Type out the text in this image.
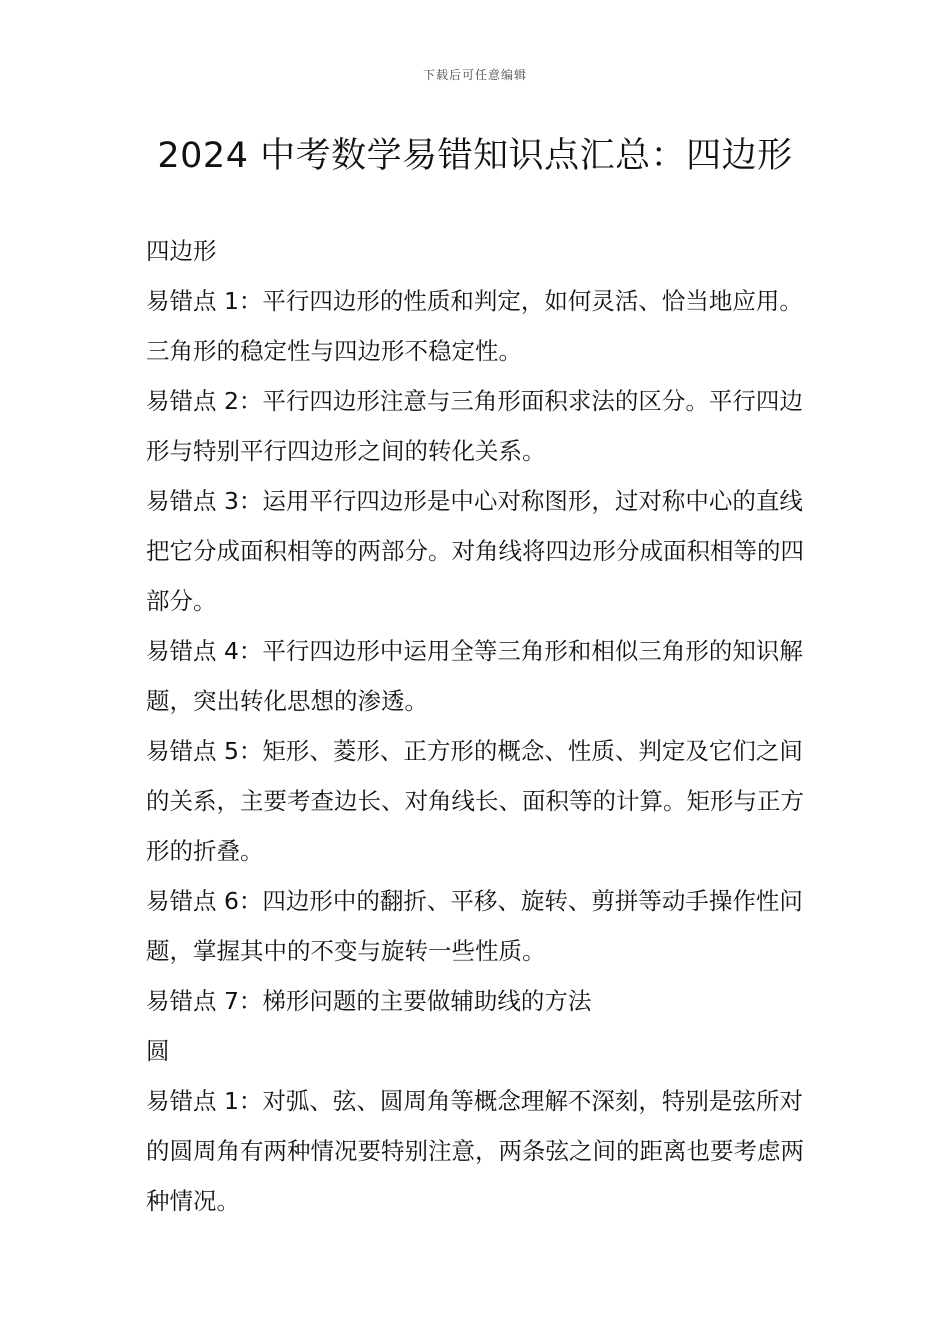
下载后可任意编辑
2024 中考数学易错知识点汇总：四边形

四边形

易错点 1：平行四边形的性质和判定，如何灵活、恰当地应用。三角形的稳定性与四边形不稳定性。

易错点 2：平行四边形注意与三角形面积求法的区分。平行四边形与特别平行四边形之间的转化关系。

易错点 3：运用平行四边形是中心对称图形，过对称中心的直线把它分成面积相等的两部分。对角线将四边形分成面积相等的四部分。

易错点 4：平行四边形中运用全等三角形和相似三角形的知识解题，突出转化思想的渗透。

易错点 5：矩形、菱形、正方形的概念、性质、判定及它们之间的关系，主要考查边长、对角线长、面积等的计算。矩形与正方形的折叠。

易错点 6：四边形中的翻折、平移、旋转、剪拼等动手操作性问题，掌握其中的不变与旋转一些性质。

易错点 7：梯形问题的主要做辅助线的方法

圆

易错点 1：对弧、弦、圆周角等概念理解不深刻，特别是弦所对的圆周角有两种情况要特别注意，两条弦之间的距离也要考虑两种情况。
